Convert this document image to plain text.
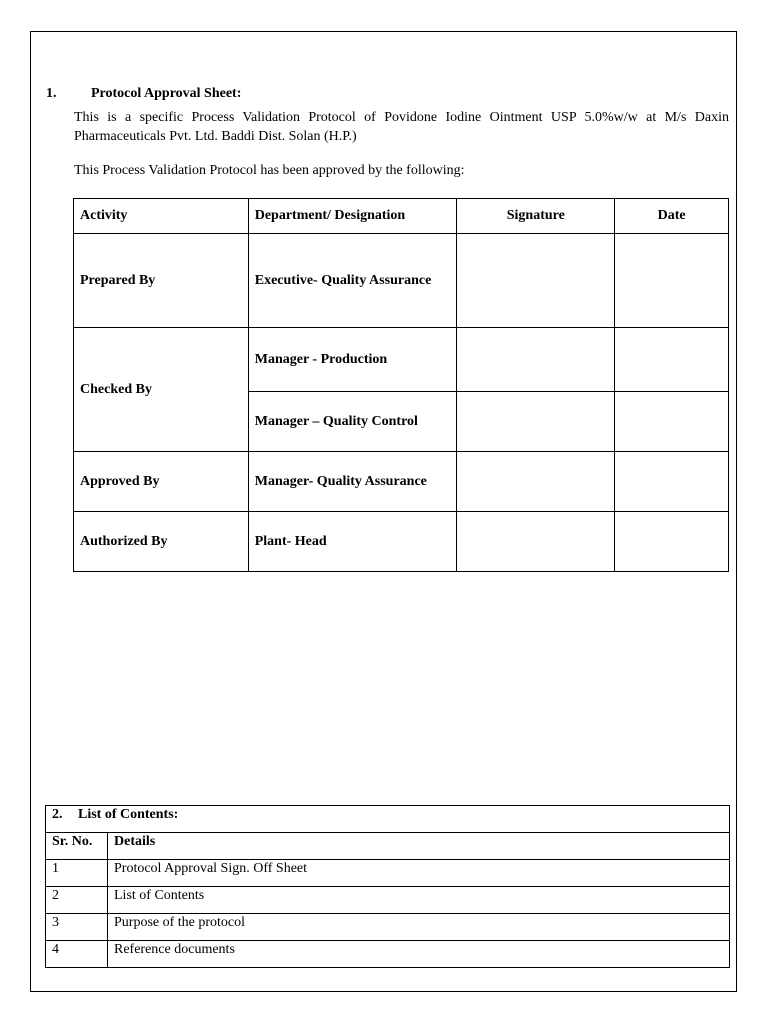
1. Protocol Approval Sheet:
This is a specific Process Validation Protocol of Povidone Iodine Ointment USP 5.0%w/w at M/s Daxin Pharmaceuticals Pvt. Ltd. Baddi Dist. Solan (H.P.)
This Process Validation Protocol has been approved by the following:
Activity	Department/ Designation	Signature	Date
Prepared By	Executive- Quality Assurance		
Checked By	Manager - Production		
	Manager – Quality Control		
Approved By	Manager- Quality Assurance		
Authorized By	Plant- Head		
2. List of Contents:	
Sr. No.	Details
1	Protocol Approval Sign. Off Sheet
2	List of Contents
3	Purpose of the protocol
4	Reference documents
